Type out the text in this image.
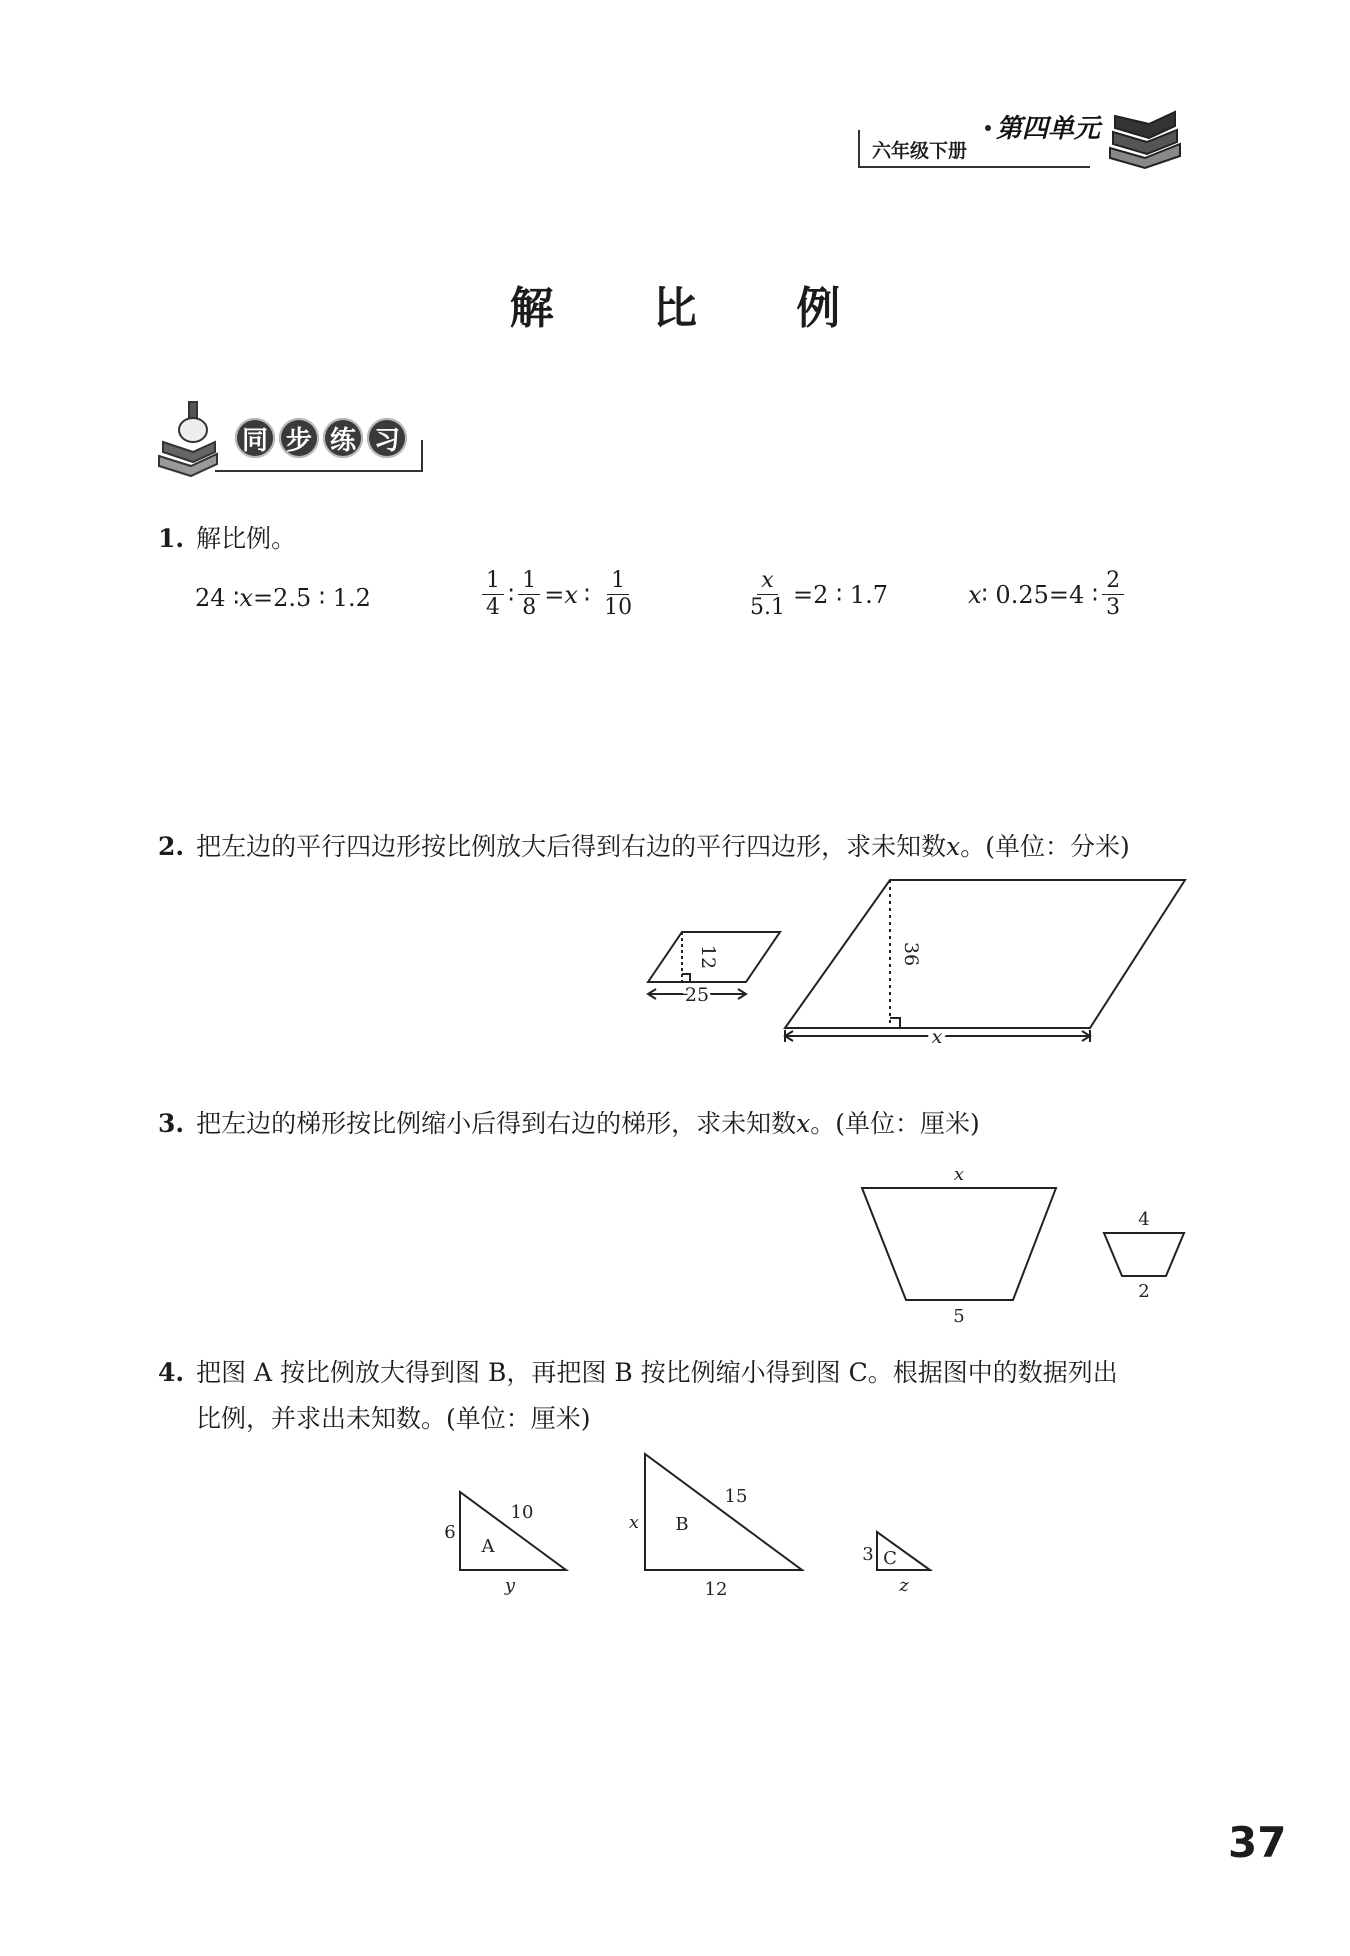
六年级下册
第四单元
解 比 例
同 步 练 习
1. 解比例。
24 ∶ x =2.5 ∶ 1.2	$\frac{1}{4}$ ∶ $\frac{1}{8} = x$ ∶ $\frac{1}{10}$	$\frac{x}{5.1} =2$ ∶ 1.7	x ∶ 0.25=4 ∶ $\frac{2}{3}$
2. 把左边的平行四边形按比例放大后得到右边的平行四边形，求未知数x。(单位：分米)
12
25
36
x
3. 把左边的梯形按比例缩小后得到右边的梯形，求未知数x。(单位：厘米)
x
5
4
2
4. 把图 A 按比例放大得到图 B，再把图 B 按比例缩小得到图 C。根据图中的数据列出
比例，并求出未知数。(单位：厘米)
6
10
A
y
x
15
B
12
3 C
z
37
